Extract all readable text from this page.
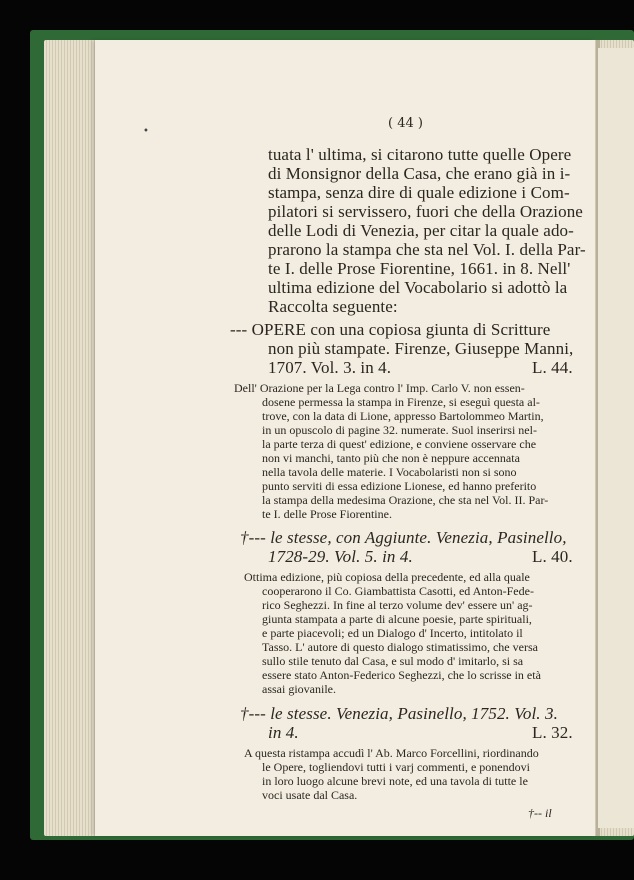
•
( 44 )
tuata l' ultima, si citarono tutte quelle Opere
di Monsignor della Casa, che erano già in i-
stampa, senza dire di quale edizione i Com-
pilatori si servissero, fuori che della Orazione
delle Lodi di Venezia, per citar la quale ado-
prarono la stampa che sta nel Vol. I. della Par-
te I. delle Prose Fiorentine, 1661. in 8. Nell'
ultima edizione del Vocabolario si adottò la
Raccolta seguente:
--- OPERE con una copiosa giunta di Scritture
non più stampate. Firenze, Giuseppe Manni,
1707. Vol. 3. in 4.	L. 44.
Dell' Orazione per la Lega contro l' Imp. Carlo V. non essen-
dosene permessa la stampa in Firenze, si eseguì questa al-
trove, con la data di Lione, appresso Bartolommeo Martin,
in un opuscolo di pagine 32. numerate. Suol inserirsi nel-
la parte terza di quest' edizione, e conviene osservare che
non vi manchi, tanto più che non è neppure accennata
nella tavola delle materie. I Vocabolaristi non si sono
punto serviti di essa edizione Lionese, ed hanno preferito
la stampa della medesima Orazione, che sta nel Vol. II. Par-
te I. delle Prose Fiorentine.
†--- le stesse, con Aggiunte. Venezia, Pasinello,
1728-29. Vol. 5. in 4.	L. 40.
Ottima edizione, più copiosa della precedente, ed alla quale
cooperarono il Co. Giambattista Casotti, ed Anton-Fede-
rico Seghezzi. In fine al terzo volume dev' essere un' ag-
giunta stampata a parte di alcune poesie, parte spirituali,
e parte piacevoli; ed un Dialogo d' Incerto, intitolato il
Tasso. L' autore di questo dialogo stimatissimo, che versa
sullo stile tenuto dal Casa, e sul modo d' imitarlo, si sa
essere stato Anton-Federico Seghezzi, che lo scrisse in età
assai giovanile.
†--- le stesse. Venezia, Pasinello, 1752. Vol. 3.
in 4.	L. 32.
A questa ristampa accudì l' Ab. Marco Forcellini, riordinando
le Opere, togliendovi tutti i varj commenti, e ponendovi
in loro luogo alcune brevi note, ed una tavola di tutte le
voci usate dal Casa.
†-- il
